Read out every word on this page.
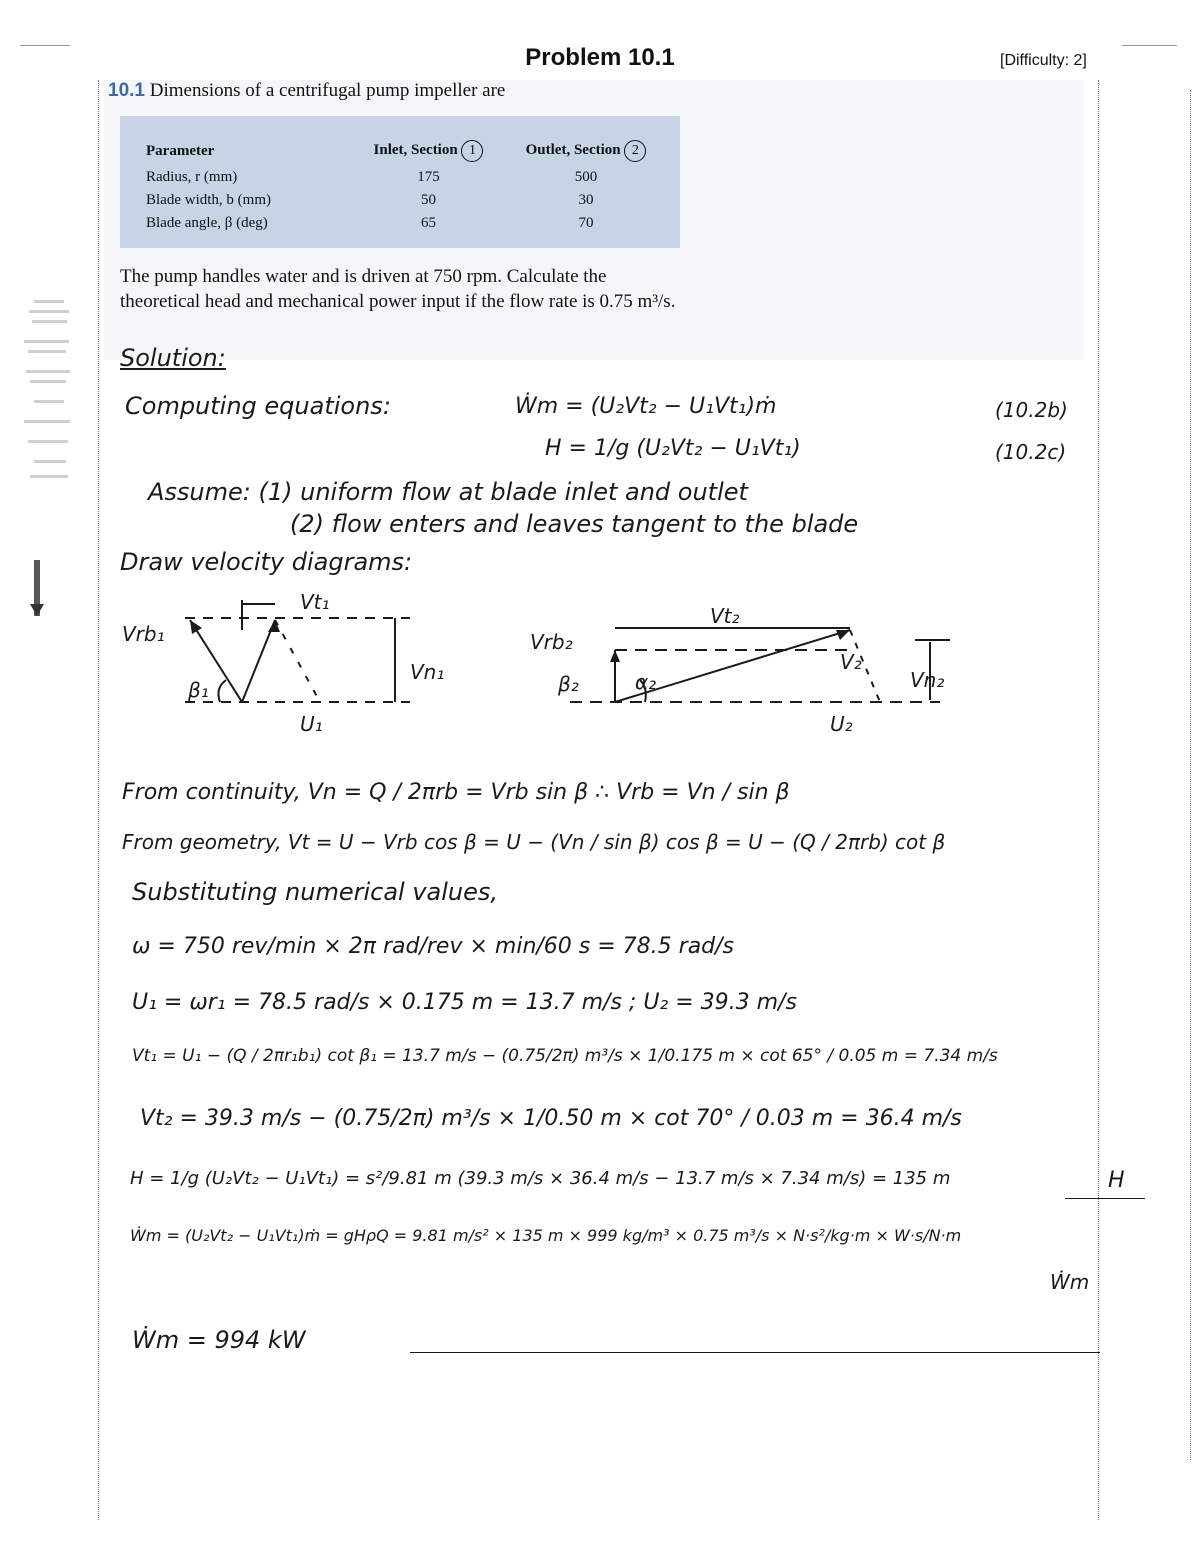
Problem 10.1	[Difficulty: 2]
10.1 Dimensions of a centrifugal pump impeller are
Parameter	Inlet, Section 1	Outlet, Section 2
Radius, r (mm)	175	500
Blade width, b (mm)	50	30
Blade angle, β (deg)	65	70
The pump handles water and is driven at 750 rpm. Calculate the theoretical head and mechanical power input if the flow rate is 0.75 m³/s.
Solution:
Computing equations:	Ẇm = (U₂Vt₂ − U₁Vt₁)ṁ	(10.2b)
H = 1/g (U₂Vt₂ − U₁Vt₁)	(10.2c)
Assume: (1) uniform flow at blade inlet and outlet
(2) flow enters and leaves tangent to the blade
Draw velocity diagrams:
Vrb₁
Vt₁
Vn₁
β₁
U₁
Vrb₂
Vt₂
V₂
Vn₂
β₂	α₂
U₂
From continuity, Vn = Q / 2πrb = Vrb sin β ∴ Vrb = Vn / sin β
From geometry, Vt = U − Vrb cos β = U − (Vn / sin β) cos β = U − (Q / 2πrb) cot β
Substituting numerical values,
ω = 750 rev/min × 2π rad/rev × min/60 s = 78.5 rad/s
U₁ = ωr₁ = 78.5 rad/s × 0.175 m = 13.7 m/s ; U₂ = 39.3 m/s
Vt₁ = U₁ − (Q / 2πr₁b₁) cot β₁ = 13.7 m/s − (0.75/2π) m³/s × 1/0.175 m × cot 65° / 0.05 m = 7.34 m/s
Vt₂ = 39.3 m/s − (0.75/2π) m³/s × 1/0.50 m × cot 70° / 0.03 m = 36.4 m/s
H = 1/g (U₂Vt₂ − U₁Vt₁) = s²/9.81 m (39.3 m/s × 36.4 m/s − 13.7 m/s × 7.34 m/s) = 135 m	H
Ẇm = (U₂Vt₂ − U₁Vt₁)ṁ = gHρQ = 9.81 m/s² × 135 m × 999 kg/m³ × 0.75 m³/s × N·s²/kg·m × W·s/N·m
Ẇm
Ẇm = 994 kW
